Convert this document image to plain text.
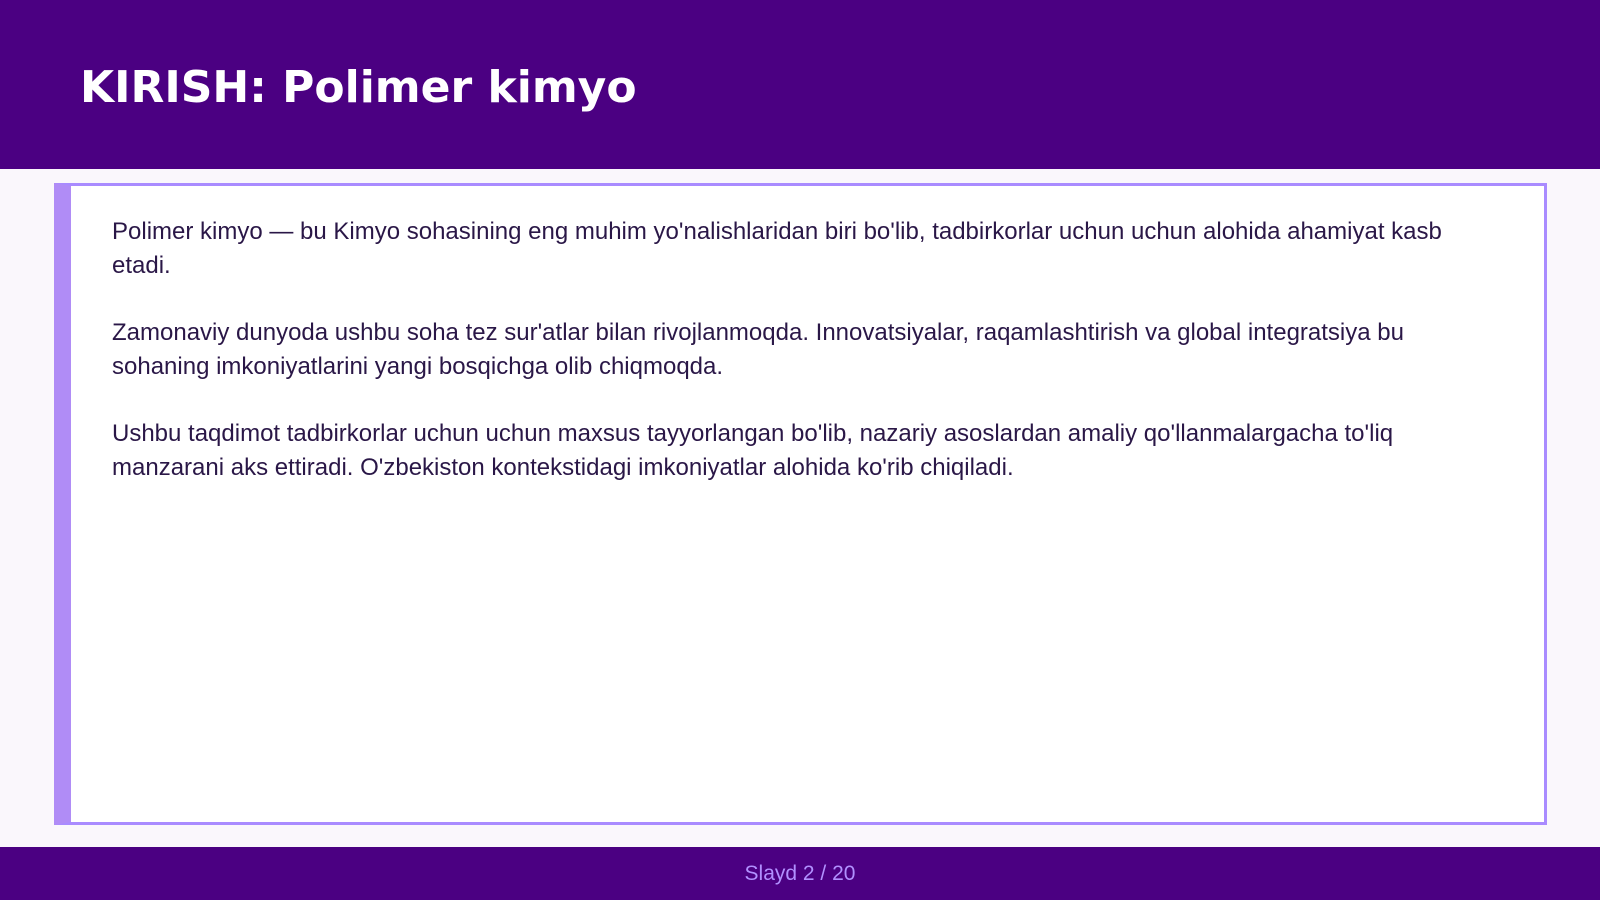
KIRISH: Polimer kimyo

Polimer kimyo — bu Kimyo sohasining eng muhim yo'nalishlaridan biri bo'lib, tadbirkorlar uchun uchun alohida ahamiyat kasb etadi.

Zamonaviy dunyoda ushbu soha tez sur'atlar bilan rivojlanmoqda. Innovatsiyalar, raqamlashtirish va global integratsiya bu sohaning imkoniyatlarini yangi bosqichga olib chiqmoqda.

Ushbu taqdimot tadbirkorlar uchun uchun maxsus tayyorlangan bo'lib, nazariy asoslardan amaliy qo'llanmalargacha to'liq manzarani aks ettiradi. O'zbekiston kontekstidagi imkoniyatlar alohida ko'rib chiqiladi.

Slayd 2 / 20
